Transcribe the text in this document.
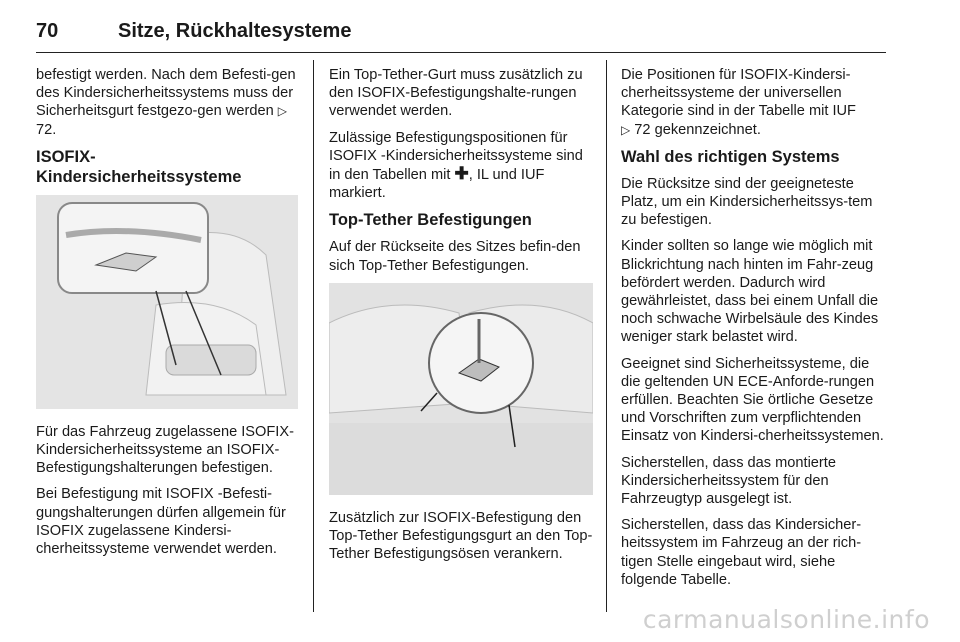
70	Sitze, Rückhaltesysteme

befestigt werden. Nach dem Befesti-gen des Kindersicherheitssystems muss der Sicherheitsgurt festgezo-gen werden ▷ 72.

ISOFIX-
Kindersicherheitssysteme

Für das Fahrzeug zugelassene ISOFIX-Kindersicherheitssysteme an ISOFIX-Befestigungshalterungen befestigen.

Bei Befestigung mit ISOFIX -Befesti-gungshalterungen dürfen allgemein für ISOFIX zugelassene Kindersi-cherheitssysteme verwendet werden.

Ein Top-Tether-Gurt muss zusätzlich zu den ISOFIX-Befestigungshalte-rungen verwendet werden.

Zulässige Befestigungspositionen für ISOFIX -Kindersicherheitssysteme sind in den Tabellen mit ✚, IL und IUF markiert.

Top-Tether Befestigungen

Auf der Rückseite des Sitzes befin-den sich Top-Tether Befestigungen.

Zusätzlich zur ISOFIX-Befestigung den Top-Tether Befestigungsgurt an den Top-Tether Befestigungsösen verankern.

Die Positionen für ISOFIX-Kindersi-cherheitssysteme der universellen Kategorie sind in der Tabelle mit IUF
▷ 72 gekennzeichnet.

Wahl des richtigen Systems

Die Rücksitze sind der geeigneteste Platz, um ein Kindersicherheitssys-tem zu befestigen.

Kinder sollten so lange wie möglich mit Blickrichtung nach hinten im Fahr-zeug befördert werden. Dadurch wird gewährleistet, dass bei einem Unfall die noch schwache Wirbelsäule des Kindes weniger stark belastet wird.

Geeignet sind Sicherheitssysteme, die die geltenden UN ECE-Anforde-rungen erfüllen. Beachten Sie örtliche Gesetze und Vorschriften zum verpflichtenden Einsatz von Kindersi-cherheitssystemen.

Sicherstellen, dass das montierte Kindersicherheitssystem für den Fahrzeugtyp ausgelegt ist.

Sicherstellen, dass das Kindersicher-heitssystem im Fahrzeug an der rich-tigen Stelle eingebaut wird, siehe folgende Tabelle.

carmanualsonline.info
